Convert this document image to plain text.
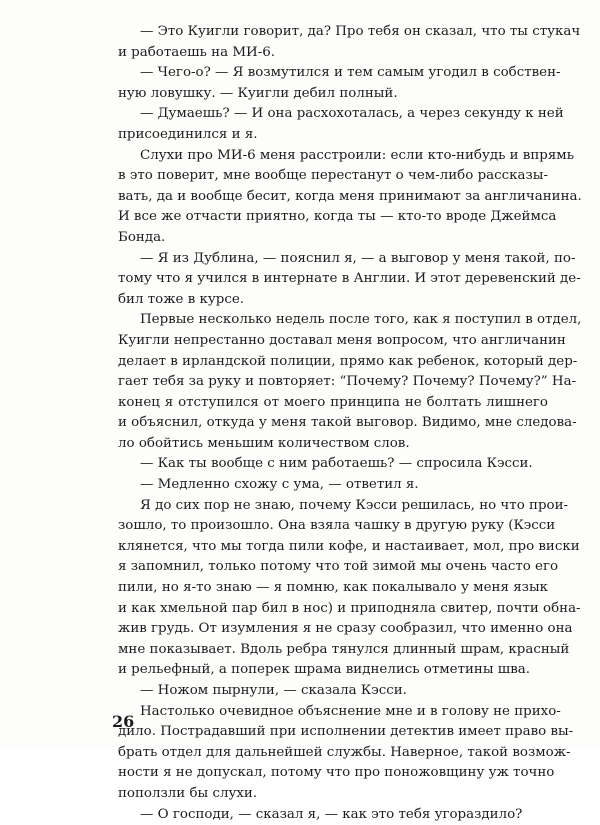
— Это Куигли говорит, да? Про тебя он сказал, что ты стукач
и работаешь на МИ-6.
— Чего-о? — Я возмутился и тем самым угодил в собствен-
ную ловушку. — Куигли дебил полный.
— Думаешь? — И она расхохоталась, а через секунду к ней
присоединился и я.
Слухи про МИ-6 меня расстроили: если кто-нибудь и впрямь
в это поверит, мне вообще перестанут о чем-либо рассказы-
вать, да и вообще бесит, когда меня принимают за англичанина.
И все же отчасти приятно, когда ты — кто-то вроде Джеймса
Бонда.
— Я из Дублина, — пояснил я, — а выговор у меня такой, по-
тому что я учился в интернате в Англии. И этот деревенский де-
бил тоже в курсе.
Первые несколько недель после того, как я поступил в отдел,
Куигли непрестанно доставал меня вопросом, что англичанин
делает в ирландской полиции, прямо как ребенок, который дер-
гает тебя за руку и повторяет: “Почему? Почему? Почему?” На-
конец я отступился от моего принципа не болтать лишнего
и объяснил, откуда у меня такой выговор. Видимо, мне следова-
ло обойтись меньшим количеством слов.
— Как ты вообще с ним работаешь? — спросила Кэсси.
— Медленно схожу с ума, — ответил я.
Я до сих пор не знаю, почему Кэсси решилась, но что прои-
зошло, то произошло. Она взяла чашку в другую руку (Кэсси
клянется, что мы тогда пили кофе, и настаивает, мол, про виски
я запомнил, только потому что той зимой мы очень часто его
пили, но я-то знаю — я помню, как покалывало у меня язык
и как хмельной пар бил в нос) и приподняла свитер, почти обна-
жив грудь. От изумления я не сразу сообразил, что именно она
мне показывает. Вдоль ребра тянулся длинный шрам, красный
и рельефный, а поперек шрама виднелись отметины шва.
— Ножом пырнули, — сказала Кэсси.
Настолько очевидное объяснение мне и в голову не прихо-
дило. Пострадавший при исполнении детектив имеет право вы-
брать отдел для дальнейшей службы. Наверное, такой возмож-
ности я не допускал, потому что про поножовщину уж точно
поползли бы слухи.
— О господи, — сказал я, — как это тебя угораздило?
26
